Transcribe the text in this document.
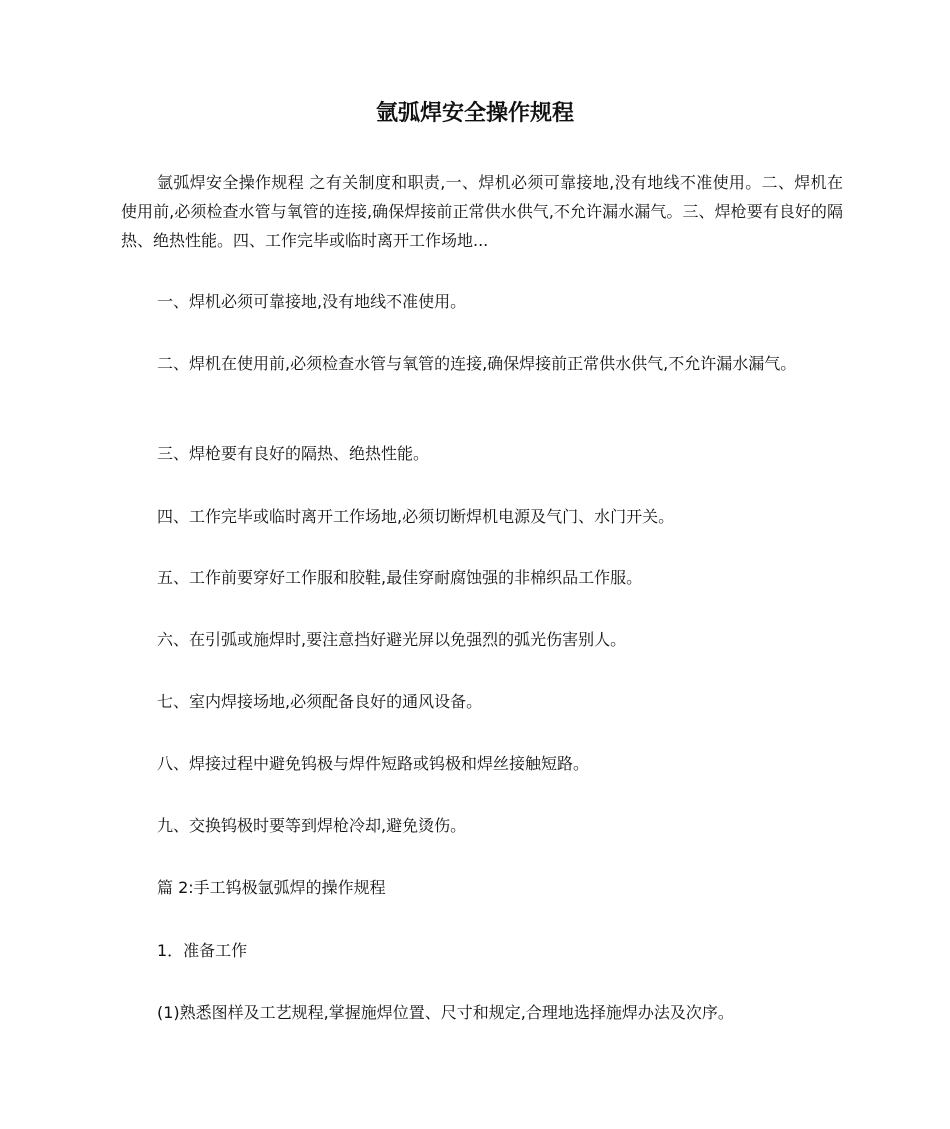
氩弧焊安全操作规程

氩弧焊安全操作规程 之有关制度和职责,一、焊机必须可靠接地,没有地线不准使用。二、焊机在使用前,必须检查水管与氧管的连接,确保焊接前正常供水供气,不允许漏水漏气。三、焊枪要有良好的隔热、绝热性能。四、工作完毕或临时离开工作场地...

一、焊机必须可靠接地,没有地线不准使用。

二、焊机在使用前,必须检查水管与氧管的连接,确保焊接前正常供水供气,不允许漏水漏气。

三、焊枪要有良好的隔热、绝热性能。

四、工作完毕或临时离开工作场地,必须切断焊机电源及气门、水门开关。

五、工作前要穿好工作服和胶鞋,最佳穿耐腐蚀强的非棉织品工作服。

六、在引弧或施焊时,要注意挡好避光屏以免强烈的弧光伤害别人。

七、室内焊接场地,必须配备良好的通风设备。

八、焊接过程中避免钨极与焊件短路或钨极和焊丝接触短路。

九、交换钨极时要等到焊枪冷却,避免烫伤。

篇 2:手工钨极氩弧焊的操作规程

1．准备工作

(1)熟悉图样及工艺规程,掌握施焊位置、尺寸和规定,合理地选择施焊办法及次序。
